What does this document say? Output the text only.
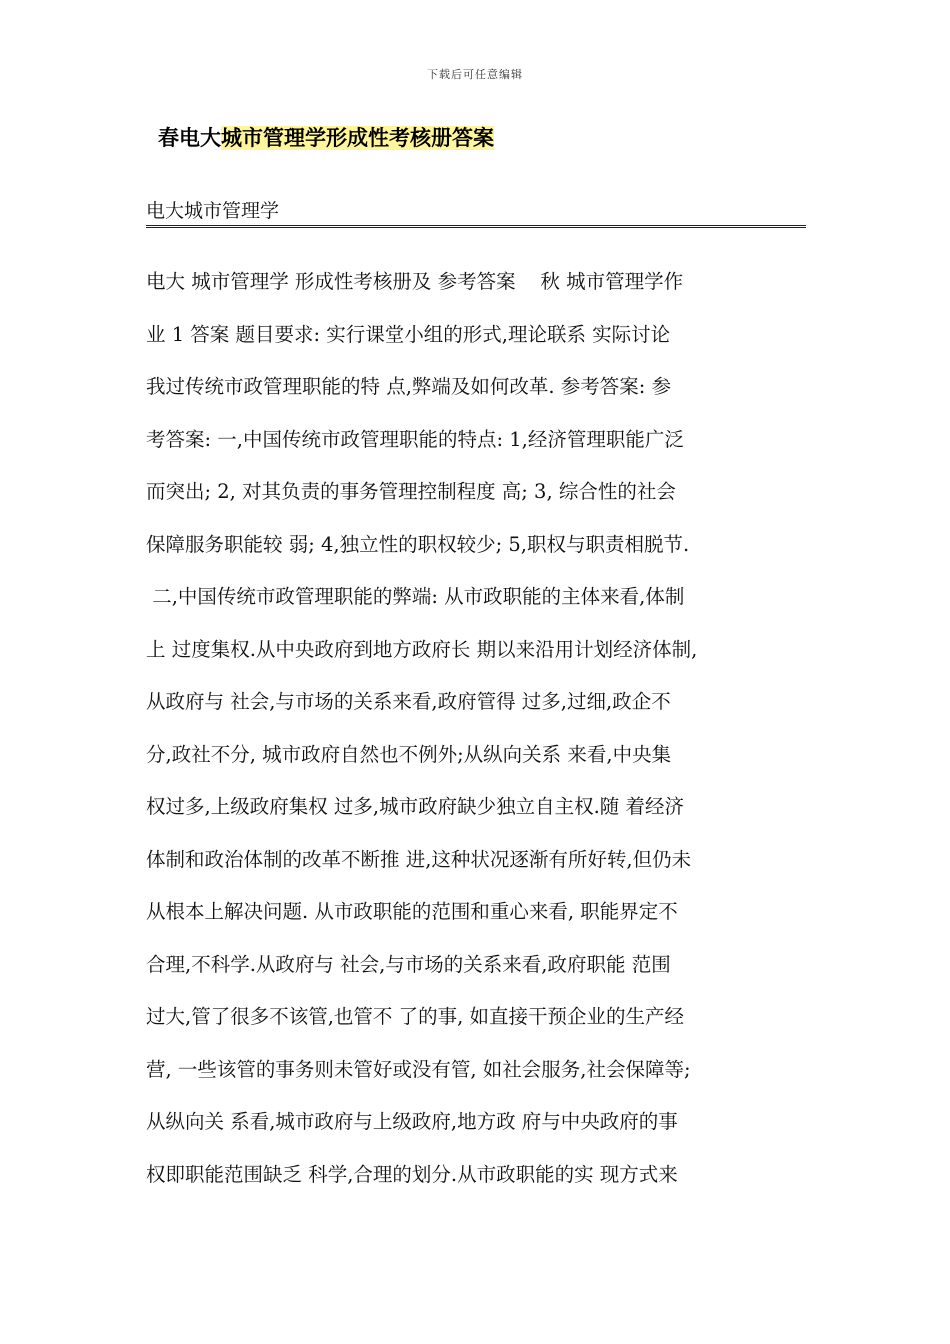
下载后可任意编辑
春电大城市管理学形成性考核册答案
电大城市管理学
电大 城市管理学 形成性考核册及 参考答案    秋 城市管理学作
业 1 答案 题目要求: 实行课堂小组的形式,理论联系 实际讨论
我过传统市政管理职能的特 点,弊端及如何改革. 参考答案: 参
考答案: 一,中国传统市政管理职能的特点: 1,经济管理职能广泛
而突出; 2, 对其负责的事务管理控制程度 高; 3, 综合性的社会
保障服务职能较 弱; 4,独立性的职权较少; 5,职权与职责相脱节.
二,中国传统市政管理职能的弊端: 从市政职能的主体来看,体制
上 过度集权.从中央政府到地方政府长 期以来沿用计划经济体制,
从政府与 社会,与市场的关系来看,政府管得 过多,过细,政企不
分,政社不分, 城市政府自然也不例外;从纵向关系 来看,中央集
权过多,上级政府集权 过多,城市政府缺少独立自主权.随 着经济
体制和政治体制的改革不断推 进,这种状况逐渐有所好转,但仍未
从根本上解决问题. 从市政职能的范围和重心来看, 职能界定不
合理,不科学.从政府与 社会,与市场的关系来看,政府职能 范围
过大,管了很多不该管,也管不 了的事, 如直接干预企业的生产经
营, 一些该管的事务则未管好或没有管, 如社会服务,社会保障等;
从纵向关 系看,城市政府与上级政府,地方政 府与中央政府的事
权即职能范围缺乏 科学,合理的划分.从市政职能的实 现方式来
